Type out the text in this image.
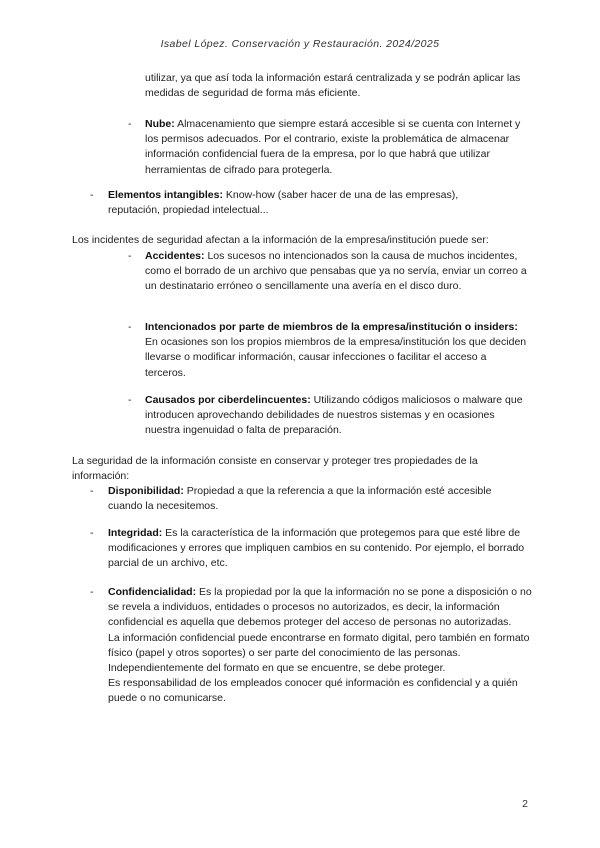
Isabel López. Conservación y Restauración. 2024/2025

utilizar, ya que así toda la información estará centralizada y se podrán aplicar las medidas de seguridad de forma más eficiente.

- Nube: Almacenamiento que siempre estará accesible si se cuenta con Internet y los permisos adecuados. Por el contrario, existe la problemática de almacenar información confidencial fuera de la empresa, por lo que habrá que utilizar herramientas de cifrado para protegerla.

- Elementos intangibles: Know-how (saber hacer de una de las empresas), reputación, propiedad intelectual...

Los incidentes de seguridad afectan a la información de la empresa/institución puede ser:

- Accidentes: Los sucesos no intencionados son la causa de muchos incidentes, como el borrado de un archivo que pensabas que ya no servía, enviar un correo a un destinatario erróneo o sencillamente una avería en el disco duro.

- Intencionados por parte de miembros de la empresa/institución o insiders: En ocasiones son los propios miembros de la empresa/institución los que deciden llevarse o modificar información, causar infecciones o facilitar el acceso a terceros.

- Causados por ciberdelincuentes: Utilizando códigos maliciosos o malware que introducen aprovechando debilidades de nuestros sistemas y en ocasiones nuestra ingenuidad o falta de preparación.

La seguridad de la información consiste en conservar y proteger tres propiedades de la información:

- Disponibilidad: Propiedad a que la referencia a que la información esté accesible cuando la necesitemos.

- Integridad: Es la característica de la información que protegemos para que esté libre de modificaciones y errores que impliquen cambios en su contenido. Por ejemplo, el borrado parcial de un archivo, etc.

- Confidencialidad: Es la propiedad por la que la información no se pone a disposición o no se revela a individuos, entidades o procesos no autorizados, es decir, la información confidencial es aquella que debemos proteger del acceso de personas no autorizadas.
La información confidencial puede encontrarse en formato digital, pero también en formato físico (papel y otros soportes) o ser parte del conocimiento de las personas. Independientemente del formato en que se encuentre, se debe proteger.
Es responsabilidad de los empleados conocer qué información es confidencial y a quién puede o no comunicarse.
2
